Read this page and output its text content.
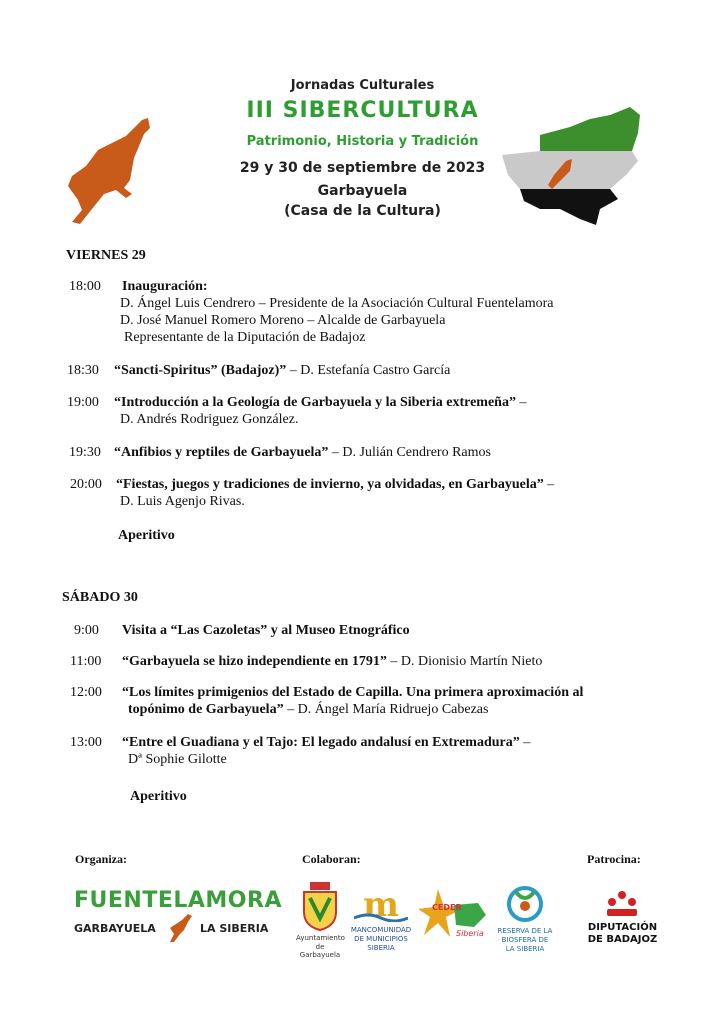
Jornadas Culturales
III SIBERCULTURA
Patrimonio, Historia y Tradición
29 y 30 de septiembre de 2023
Garbayuela
(Casa de la Cultura)
VIERNES 29
18:00 Inauguración:
D. Ángel Luis Cendrero – Presidente de la Asociación Cultural Fuentelamora
D. José Manuel Romero Moreno – Alcalde de Garbayuela
Representante de la Diputación de Badajoz
18:30 “Sancti-Spiritus” (Badajoz)” – D. Estefanía Castro García
19:00 “Introducción a la Geología de Garbayuela y la Siberia extremeña” –
D. Andrés Rodriguez González.
19:30 “Anfibios y reptiles de Garbayuela” – D. Julián Cendrero Ramos
20:00 “Fiestas, juegos y tradiciones de invierno, ya olvidadas, en Garbayuela” –
D. Luis Agenjo Rivas.
Aperitivo
SÁBADO 30
9:00 Visita a “Las Cazoletas” y al Museo Etnográfico
11:00 “Garbayuela se hizo independiente en 1791” – D. Dionisio Martín Nieto
12:00 “Los límites primigenios del Estado de Capilla. Una primera aproximación al
topónimo de Garbayuela” – D. Ángel María Ridruejo Cabezas
13:00 “Entre el Guadiana y el Tajo: El legado andalusí en Extremadura” –
Dª Sophie Gilotte
Aperitivo
Organiza:	Colaboran:	Patrocina:
FUENTELAMORA
GARBAYUELA	LA SIBERIA
Ayuntamiento
de Garbayuela
m
MANCOMUNIDAD
DE MUNICIPIOS
SIBERIA
CEDER
Siberia RESERVA DE LA
BIOSFERA DE
LA SIBERIA
DIPUTACIÓN
DE BADAJOZ
